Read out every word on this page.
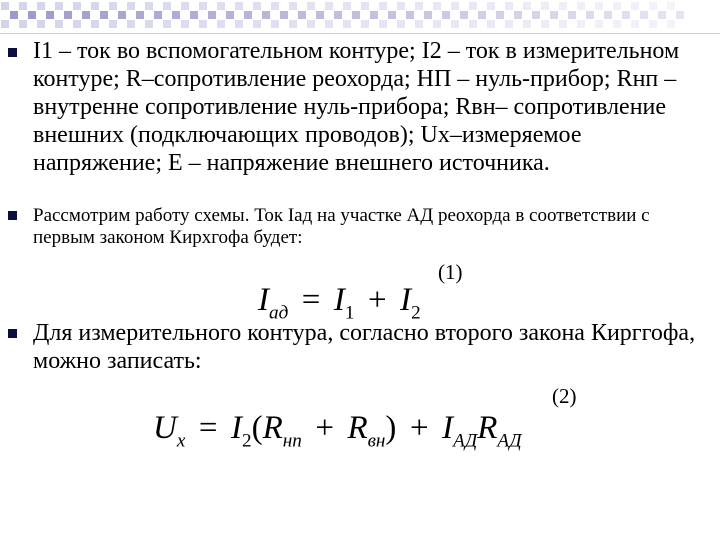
I1 – ток во вспомогательном контуре; I2 – ток в измерительном контуре; R–сопротивление реохорда; НП – нуль-прибор; Rнп – внутренне сопротивление нуль-прибора; Rвн– сопротивление внешних (подключающих проводов); Ux–измеряемое напряжение; E – напряжение внешнего источника.
Рассмотрим работу схемы. Ток Iад на участке АД реохорда в соответствии с первым законом Кирхгофа будет:
(1)
$I_{ад} = I_1 + I_2$
Для измерительного контура, согласно второго закона Кирггофа, можно записать:
(2)
$U_x = I_2(R_{нп} + R_{вн}) + I_{АД}R_{АД}$
